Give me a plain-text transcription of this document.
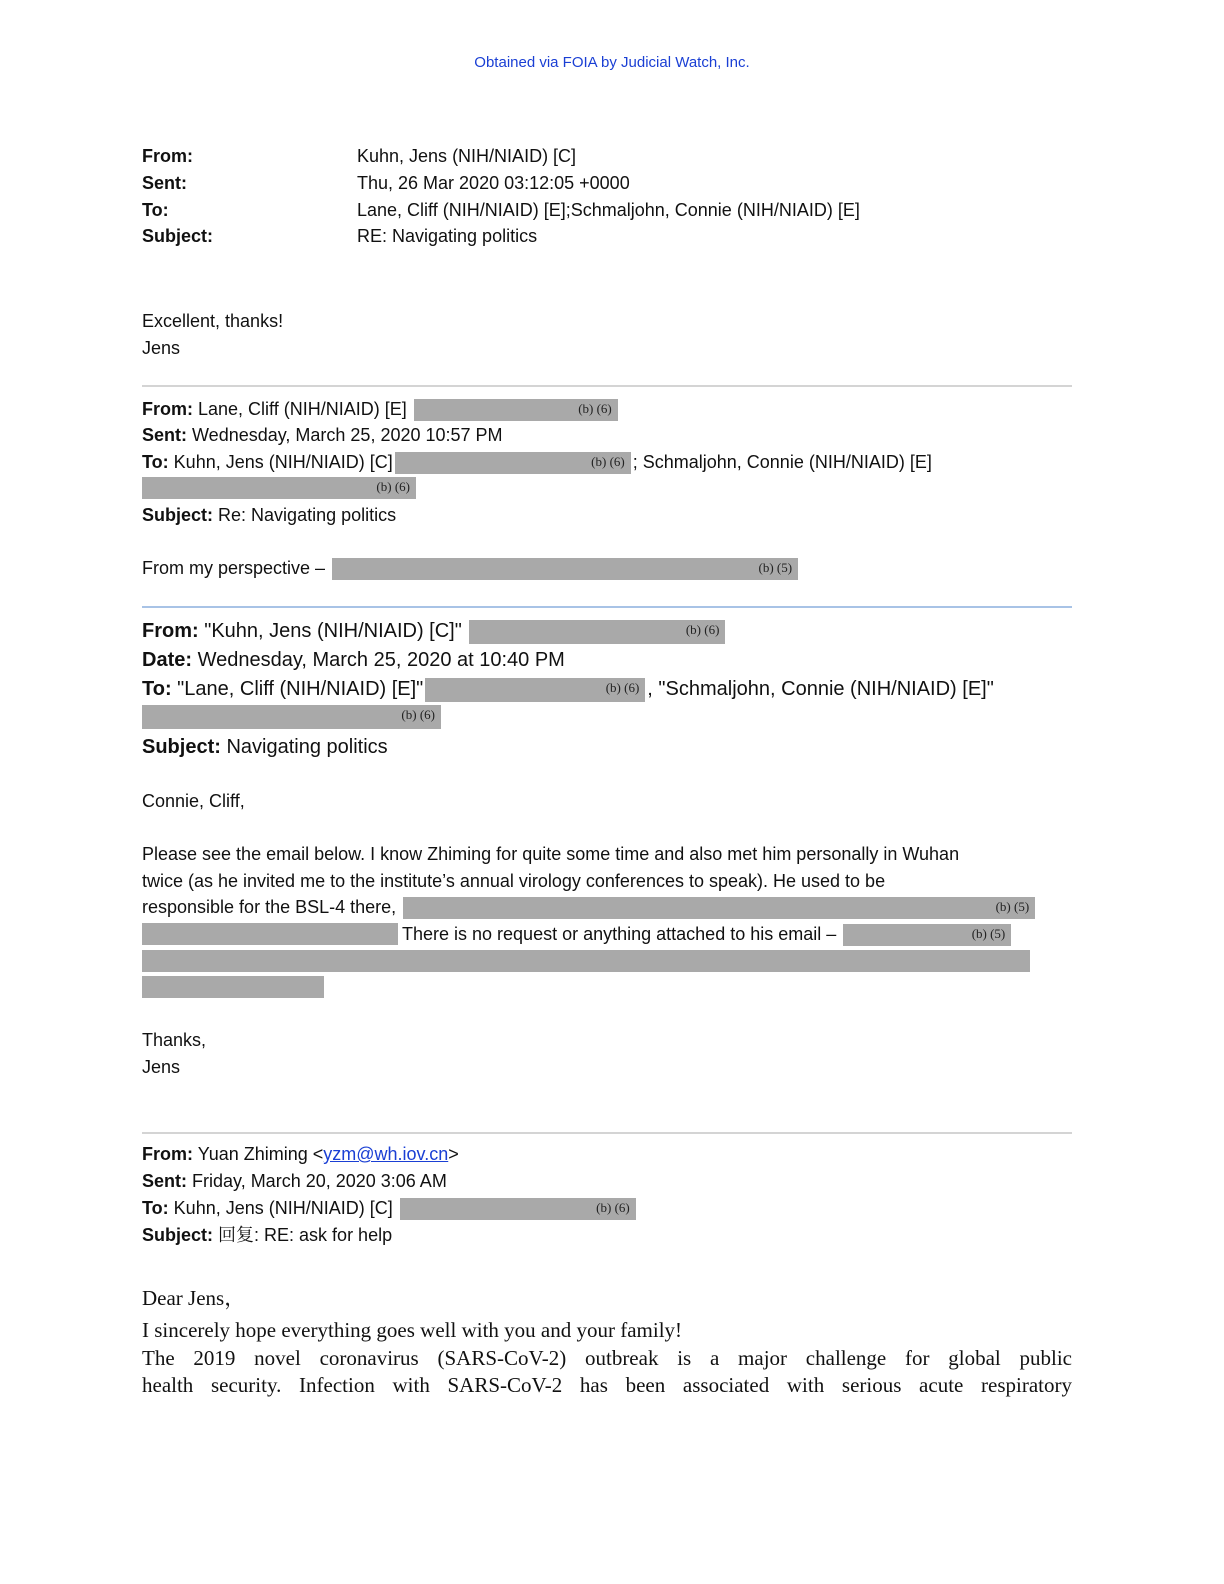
Obtained via FOIA by Judicial Watch, Inc.
From:	Kuhn, Jens (NIH/NIAID) [C]
Sent:	Thu, 26 Mar 2020 03:12:05 +0000
To:	Lane, Cliff (NIH/NIAID) [E];Schmaljohn, Connie (NIH/NIAID) [E]
Subject:	RE: Navigating politics
Excellent, thanks!
Jens
From: Lane, Cliff (NIH/NIAID) [E]	(b) (6)
Sent: Wednesday, March 25, 2020 10:57 PM
To: Kuhn, Jens (NIH/NIAID) [C]	(b) (6) ; Schmaljohn, Connie (NIH/NIAID) [E]
(b) (6)
Subject: Re: Navigating politics
From my perspective –	(b) (5)
From: "Kuhn, Jens (NIH/NIAID) [C]"	(b) (6)
Date: Wednesday, March 25, 2020 at 10:40 PM
To: "Lane, Cliff (NIH/NIAID) [E]"	(b) (6) , "Schmaljohn, Connie (NIH/NIAID) [E]"
(b) (6)
Subject: Navigating politics
Connie, Cliff,
Please see the email below. I know Zhiming for quite some time and also met him personally in Wuhan
twice (as he invited me to the institute’s annual virology conferences to speak). He used to be
responsible for the BSL-4 there,	(b) (5)
There is no request or anything attached to his email –	(b) (5)
Thanks,
Jens
From: Yuan Zhiming <yzm@wh.iov.cn>
Sent: Friday, March 20, 2020 3:06 AM
To: Kuhn, Jens (NIH/NIAID) [C]	(b) (6)
Subject: 回复: RE: ask for help
Dear Jens，
I sincerely hope everything goes well with you and your family!
The 2019 novel coronavirus (SARS-CoV-2) outbreak is a major challenge for global public
health security. Infection with SARS-CoV-2 has been associated with serious acute respiratory
